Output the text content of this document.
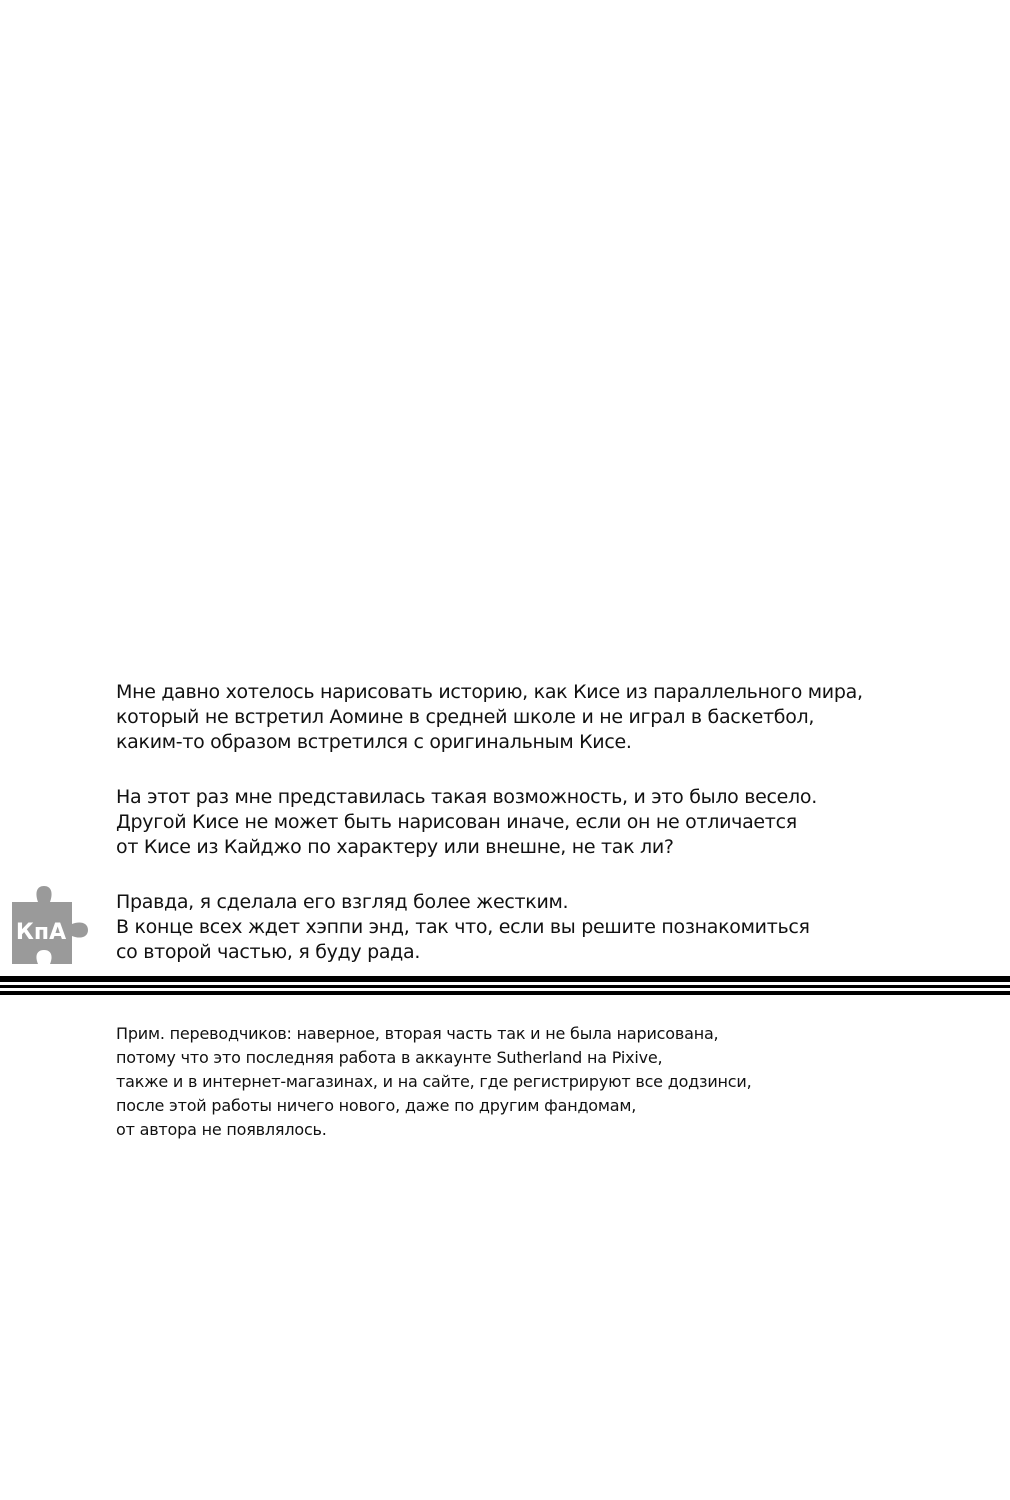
Мне давно хотелось нарисовать историю, как Кисе из параллельного мира,
который не встретил Аомине в средней школе и не играл в баскетбол,
каким-то образом встретился с оригинальным Кисе.
На этот раз мне представилась такая возможность, и это было весело.
Другой Кисе не может быть нарисован иначе, если он не отличается
от Кисе из Кайджо по характеру или внешне, не так ли?
Правда, я сделала его взгляд более жестким.
В конце всех ждет хэппи энд, так что, если вы решите познакомиться
со второй частью, я буду рада.
КпА
Прим. переводчиков: наверное, вторая часть так и не была нарисована,
потому что это последняя работа в аккаунте Sutherland на Pixive,
также и в интернет-магазинах, и на сайте, где регистрируют все додзинси,
после этой работы ничего нового, даже по другим фандомам,
от автора не появлялось.
